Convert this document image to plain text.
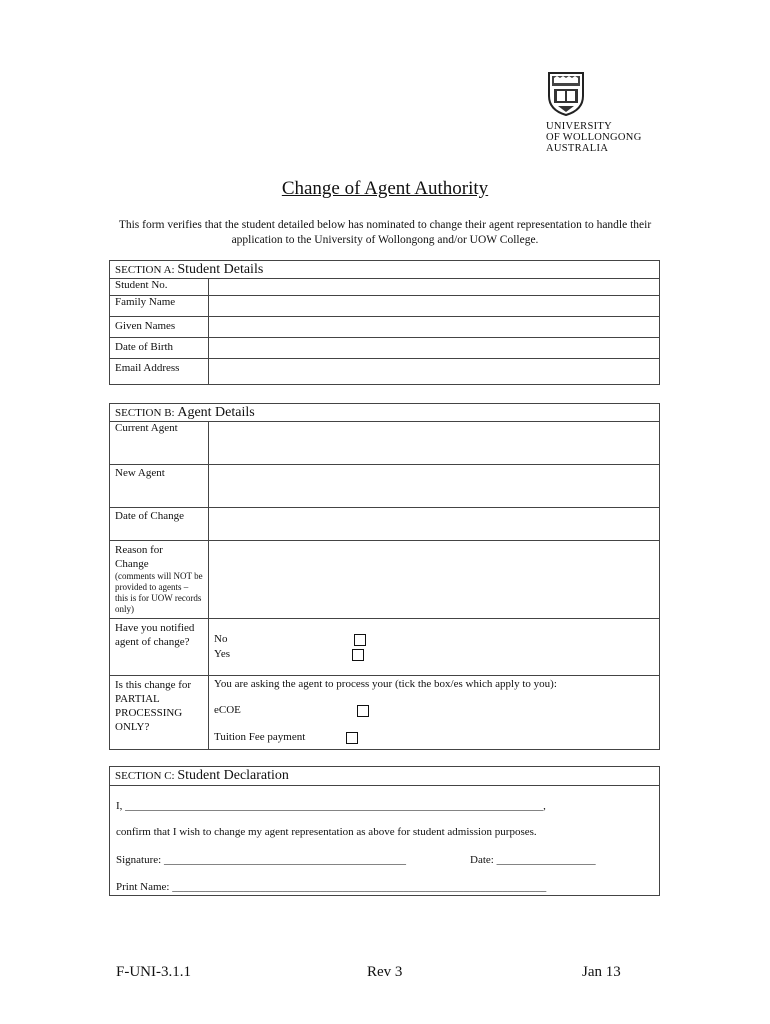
UNIVERSITY
OF WOLLONGONG
AUSTRALIA
Change of Agent Authority
This form verifies that the student detailed below has nominated to change their agent representation to handle their application to the University of Wollongong and/or UOW College.
SECTION A: Student Details	
Student No.	
Family Name	
Given Names	
Date of Birth	
Email Address	
SECTION B: Agent Details	
Current Agent	
New Agent	
Date of Change	

Reason for Change
(comments will NOT be provided to agents – this is for UOW records only)	

Have you notified agent of change?	No
Yes

Is this change for PARTIAL PROCESSING ONLY?	You are asking the agent to process your (tick the box/es which apply to you):
eCOE
Tuition Fee payment
SECTION C: Student Declaration
I, ____________________________________________________________________________,
confirm that I wish to change my agent representation as above for student admission purposes.
Signature: ____________________________________________	Date: __________________
Print Name: ____________________________________________________________________
F-UNI-3.1.1	Rev 3	Jan 13
